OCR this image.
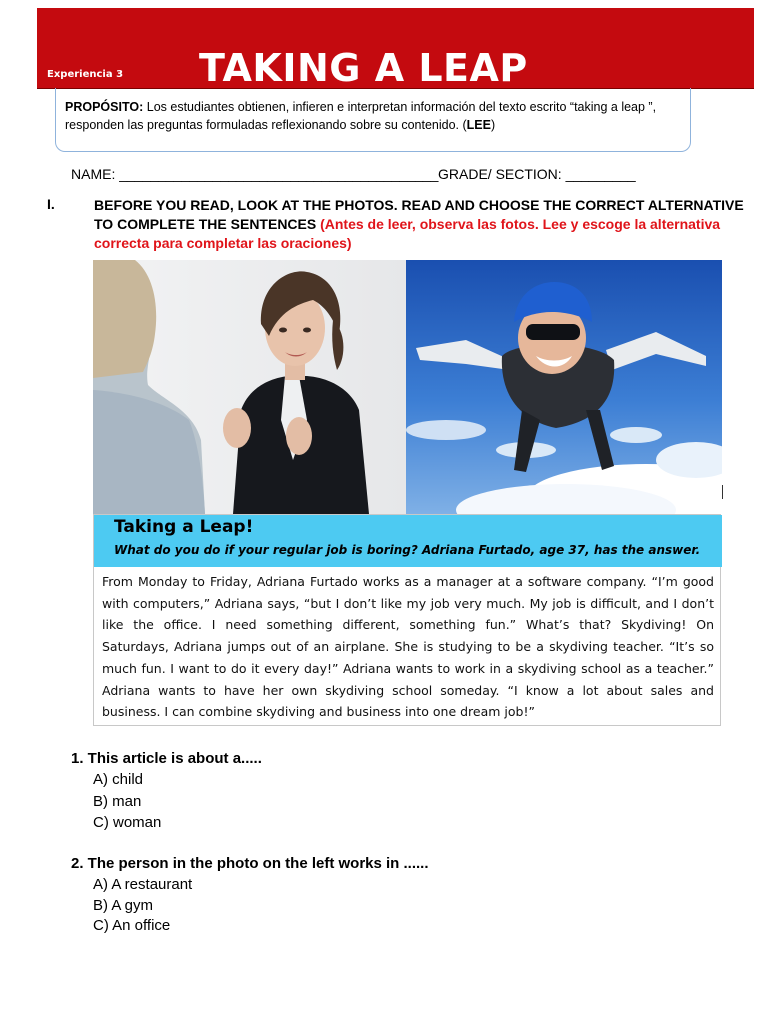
Experiencia 3 TAKING A LEAP
PROPÓSITO: Los estudiantes obtienen, infieren e interpretan información del texto escrito “taking a leap ”, responden las preguntas formuladas reflexionando sobre su contenido. (LEE)
NAME: _________________________________________ GRADE/ SECTION: _________
I.	BEFORE YOU READ, LOOK AT THE PHOTOS. READ AND CHOOSE THE CORRECT ALTERNATIVE TO COMPLETE THE SENTENCES (Antes de leer, observa las fotos. Lee y escoge la alternativa correcta para completar las oraciones)
Taking a Leap!
What do you do if your regular job is boring? Adriana Furtado, age 37, has the answer.
From Monday to Friday, Adriana Furtado works as a manager at a software company. “I’m good with computers,” Adriana says, “but I don’t like my job very much. My job is difficult, and I don’t like the office. I need something different, something fun.” What’s that? Skydiving! On Saturdays, Adriana jumps out of an airplane. She is studying to be a skydiving teacher. “It’s so much fun. I want to do it every day!” Adriana wants to work in a skydiving school as a teacher.” Adriana wants to have her own skydiving school someday. “I know a lot about sales and business. I can combine skydiving and business into one dream job!”
1. This article is about a.....
A) child
B) man
C) woman
2. The person in the photo on the left works in ......
A) A restaurant
B) A gym
C) An office
